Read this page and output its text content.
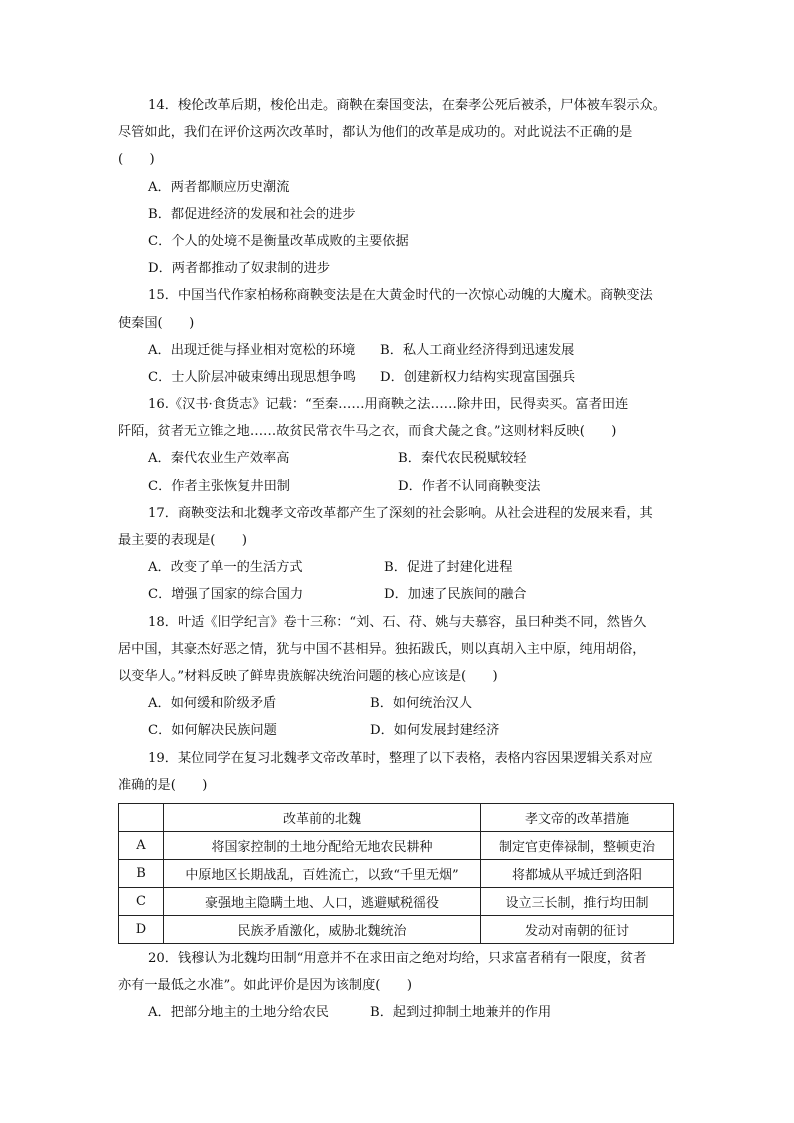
14．梭伦改革后期，梭伦出走。商鞅在秦国变法，在秦孝公死后被杀，尸体被车裂示众。
尽管如此，我们在评价这两次改革时，都认为他们的改革是成功的。对此说法不正确的是
(　　)
A．两者都顺应历史潮流
B．都促进经济的发展和社会的进步
C．个人的处境不是衡量改革成败的主要依据
D．两者都推动了奴隶制的进步
15．中国当代作家柏杨称商鞅变法是在大黄金时代的一次惊心动魄的大魔术。商鞅变法
使秦国(　　)
A．出现迁徙与择业相对宽松的环境	B．私人工商业经济得到迅速发展
C．士人阶层冲破束缚出现思想争鸣	D．创建新权力结构实现富国强兵
16.《汉书·食货志》记载：“至秦……用商鞅之法……除井田，民得卖买。富者田连
阡陌，贫者无立锥之地……故贫民常衣牛马之衣，而食犬彘之食。”这则材料反映(　　)
A．秦代农业生产效率高	B．秦代农民税赋较轻
C．作者主张恢复井田制	D．作者不认同商鞅变法
17．商鞅变法和北魏孝文帝改革都产生了深刻的社会影响。从社会进程的发展来看，其
最主要的表现是(　　)
A．改变了单一的生活方式	B．促进了封建化进程
C．增强了国家的综合国力	D．加速了民族间的融合
18．叶适《旧学纪言》卷十三称：“刘、石、苻、姚与夫慕容，虽曰种类不同，然皆久
居中国，其豪杰好恶之情，犹与中国不甚相异。独拓跋氏，则以真胡入主中原，纯用胡俗，
以变华人。”材料反映了鲜卑贵族解决统治问题的核心应该是(　　)
A．如何缓和阶级矛盾	B．如何统治汉人
C．如何解决民族问题	D．如何发展封建经济
19．某位同学在复习北魏孝文帝改革时，整理了以下表格，表格内容因果逻辑关系对应
准确的是(　　)
	改革前的北魏	孝文帝的改革措施
A	将国家控制的土地分配给无地农民耕种	制定官吏俸禄制，整顿吏治
B	中原地区长期战乱，百姓流亡，以致“千里无烟”	将都城从平城迁到洛阳
C	豪强地主隐瞒土地、人口，逃避赋税徭役	设立三长制，推行均田制
D	民族矛盾激化，威胁北魏统治	发动对南朝的征讨
20．钱穆认为北魏均田制“用意并不在求田亩之绝对均给，只求富者稍有一限度，贫者
亦有一最低之水准”。如此评价是因为该制度(　　)
A．把部分地主的土地分给农民	B．起到过抑制土地兼并的作用
